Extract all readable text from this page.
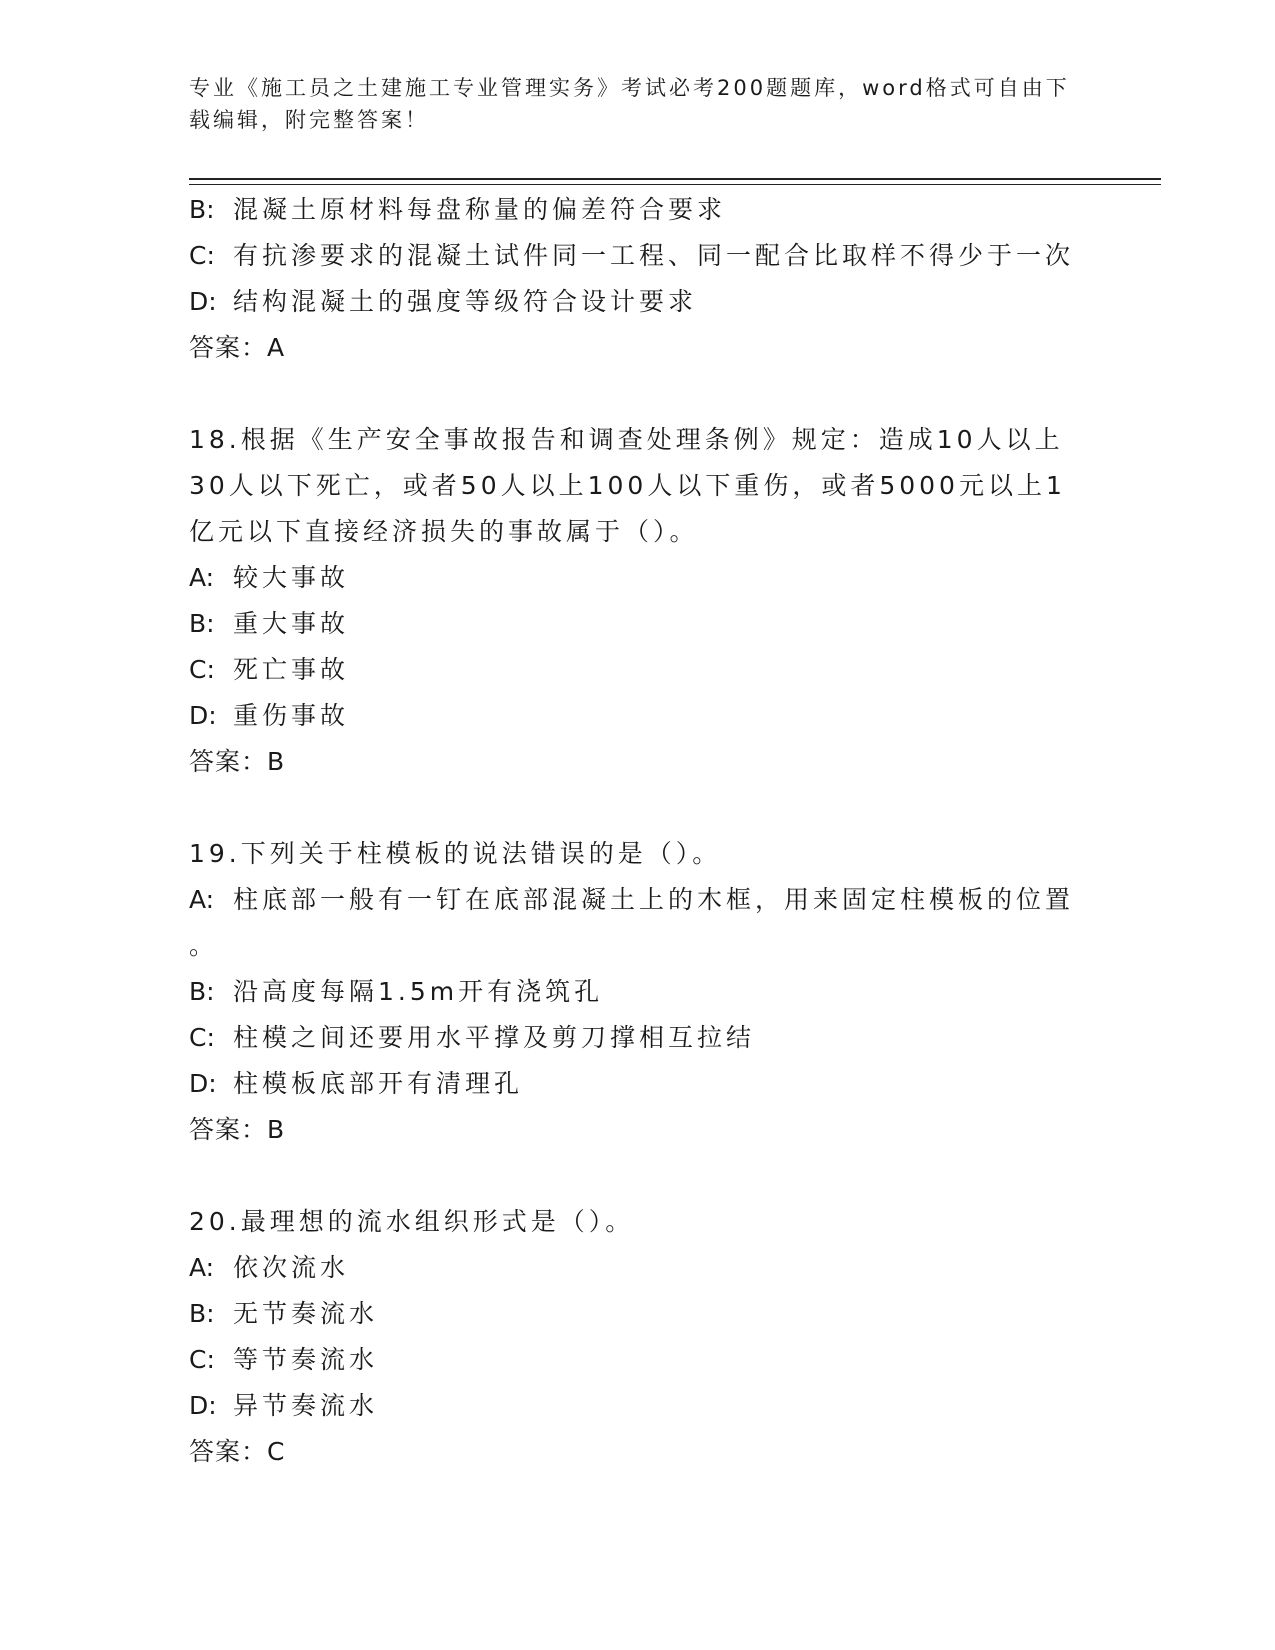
专业《施工员之土建施工专业管理实务》考试必考200题题库，word格式可自由下载编辑，附完整答案！
B: 混凝土原材料每盘称量的偏差符合要求
C: 有抗渗要求的混凝土试件同一工程、同一配合比取样不得少于一次
D: 结构混凝土的强度等级符合设计要求
答案：A
18.根据《生产安全事故报告和调查处理条例》规定：造成10人以上
30人以下死亡，或者50人以上100人以下重伤，或者5000元以上1
亿元以下直接经济损失的事故属于（）。
A: 较大事故
B: 重大事故
C: 死亡事故
D: 重伤事故
答案：B
19.下列关于柱模板的说法错误的是（）。
A: 柱底部一般有一钉在底部混凝土上的木框，用来固定柱模板的位置
。
B: 沿高度每隔1.5m开有浇筑孔
C: 柱模之间还要用水平撑及剪刀撑相互拉结
D: 柱模板底部开有清理孔
答案：B
20.最理想的流水组织形式是（）。
A: 依次流水
B: 无节奏流水
C: 等节奏流水
D: 异节奏流水
答案：C
